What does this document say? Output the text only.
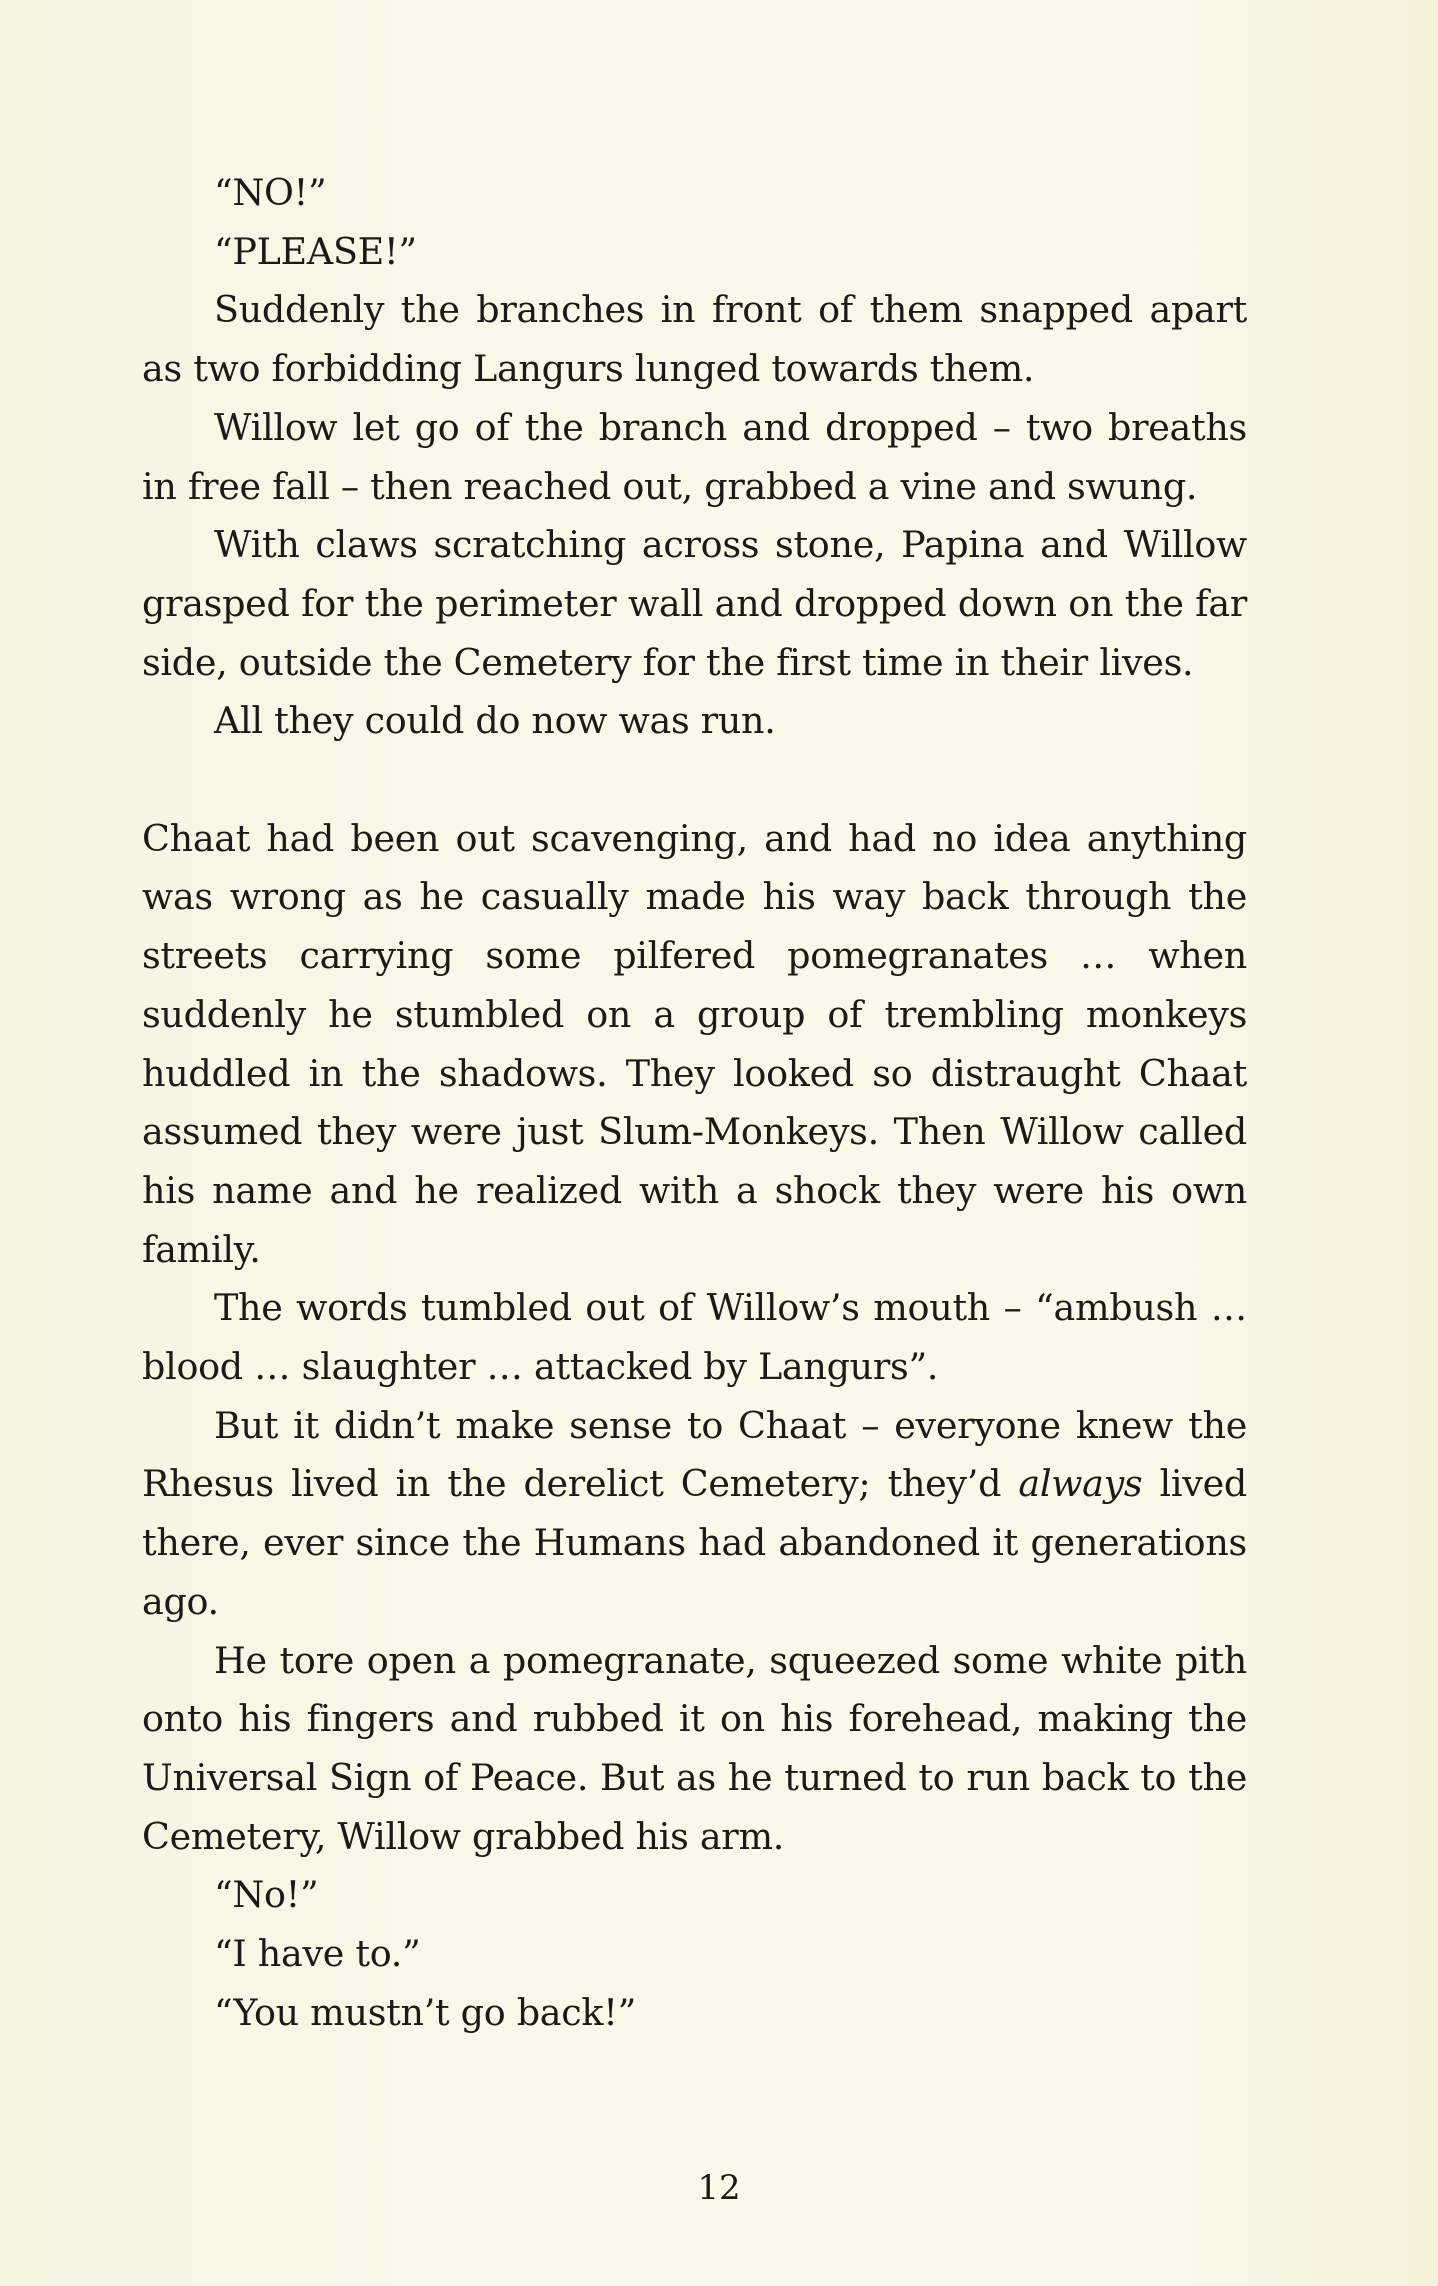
“NO!”

“PLEASE!”

Suddenly the branches in front of them snapped apart as two forbidding Langurs lunged towards them.

Willow let go of the branch and dropped – two breaths in free fall – then reached out, grabbed a vine and swung.

With claws scratching across stone, Papina and Willow grasped for the perimeter wall and dropped down on the far side, outside the Cemetery for the first time in their lives.

All they could do now was run.

Chaat had been out scavenging, and had no idea anything was wrong as he casually made his way back through the streets carrying some pilfered pomegranates … when suddenly he stumbled on a group of trembling monkeys huddled in the shadows. They looked so distraught Chaat assumed they were just Slum-Monkeys. Then Willow called his name and he realized with a shock they were his own family.

The words tumbled out of Willow’s mouth – “ambush … blood … slaughter … attacked by Langurs”.

But it didn’t make sense to Chaat – everyone knew the Rhesus lived in the derelict Cemetery; they’d always lived there, ever since the Humans had abandoned it generations ago.

He tore open a pomegranate, squeezed some white pith onto his fingers and rubbed it on his forehead, making the Universal Sign of Peace. But as he turned to run back to the Cemetery, Willow grabbed his arm.

“No!”

“I have to.”

“You mustn’t go back!”

12
